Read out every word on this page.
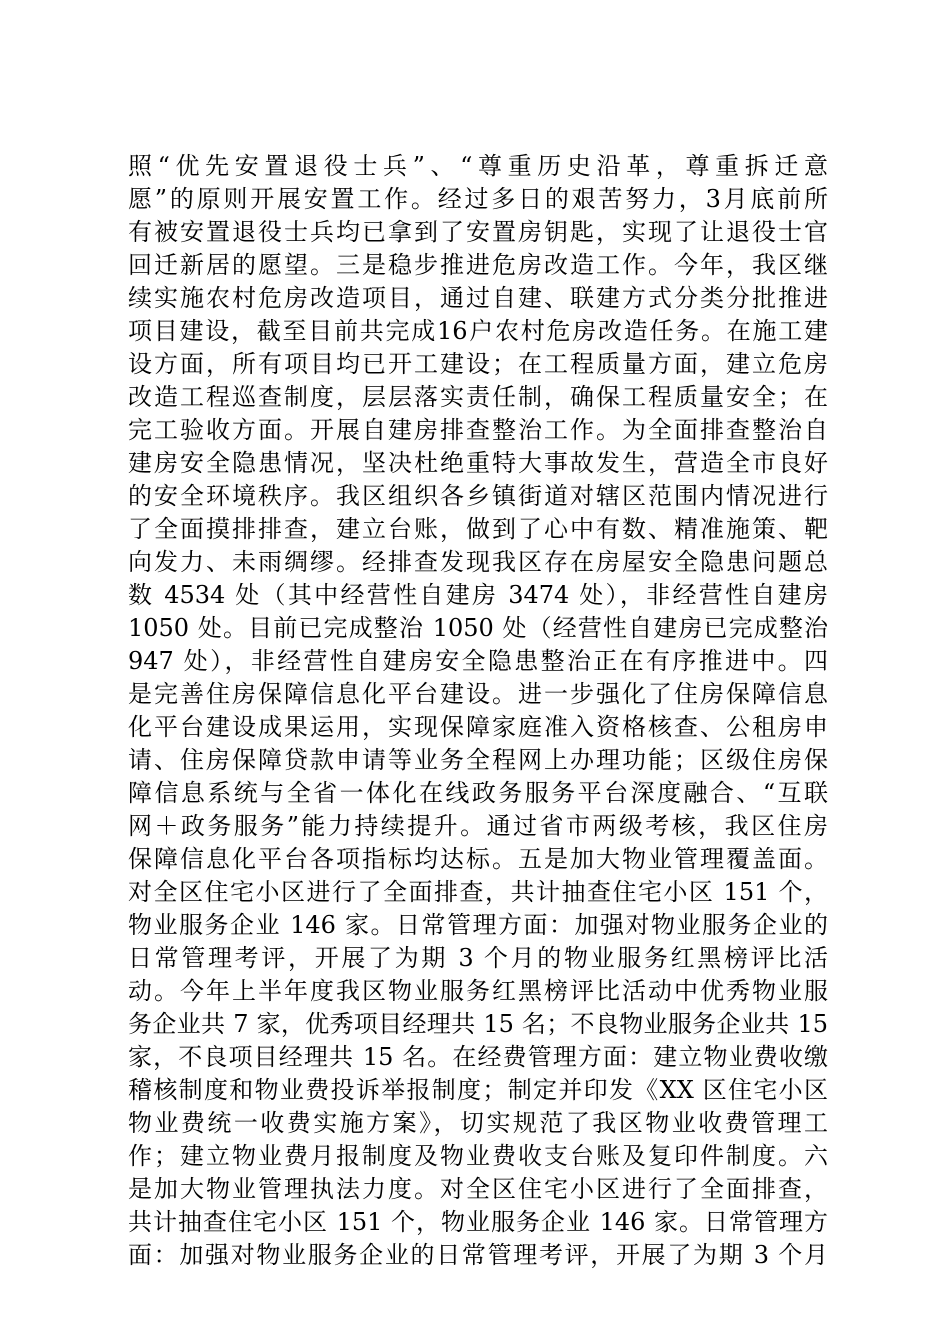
照“优先安置退役士兵”、“尊重历史沿革，尊重拆迁意
愿”的原则开展安置工作。经过多日的艰苦努力，3月底前所
有被安置退役士兵均已拿到了安置房钥匙，实现了让退役士官
回迁新居的愿望。三是稳步推进危房改造工作。今年，我区继
续实施农村危房改造项目，通过自建、联建方式分类分批推进
项目建设，截至目前共完成16户农村危房改造任务。在施工建
设方面，所有项目均已开工建设；在工程质量方面，建立危房
改造工程巡查制度，层层落实责任制，确保工程质量安全；在
完工验收方面。开展自建房排查整治工作。为全面排查整治自
建房安全隐患情况，坚决杜绝重特大事故发生，营造全市良好
的安全环境秩序。我区组织各乡镇街道对辖区范围内情况进行
了全面摸排排查，建立台账，做到了心中有数、精准施策、靶
向发力、未雨绸缪。经排查发现我区存在房屋安全隐患问题总
数 4534 处（其中经营性自建房 3474 处），非经营性自建房
1050 处。目前已完成整治 1050 处（经营性自建房已完成整治
947 处），非经营性自建房安全隐患整治正在有序推进中。四
是完善住房保障信息化平台建设。进一步强化了住房保障信息
化平台建设成果运用，实现保障家庭准入资格核查、公租房申
请、住房保障贷款申请等业务全程网上办理功能；区级住房保
障信息系统与全省一体化在线政务服务平台深度融合、“互联
网＋政务服务”能力持续提升。通过省市两级考核，我区住房
保障信息化平台各项指标均达标。五是加大物业管理覆盖面。
对全区住宅小区进行了全面排查，共计抽查住宅小区 151 个，
物业服务企业 146 家。日常管理方面：加强对物业服务企业的
日常管理考评，开展了为期 3 个月的物业服务红黑榜评比活
动。今年上半年度我区物业服务红黑榜评比活动中优秀物业服
务企业共 7 家，优秀项目经理共 15 名；不良物业服务企业共 15
家，不良项目经理共 15 名。在经费管理方面：建立物业费收缴
稽核制度和物业费投诉举报制度；制定并印发《XX 区住宅小区
物业费统一收费实施方案》，切实规范了我区物业收费管理工
作；建立物业费月报制度及物业费收支台账及复印件制度。六
是加大物业管理执法力度。对全区住宅小区进行了全面排查，
共计抽查住宅小区 151 个，物业服务企业 146 家。日常管理方
面：加强对物业服务企业的日常管理考评，开展了为期 3 个月
